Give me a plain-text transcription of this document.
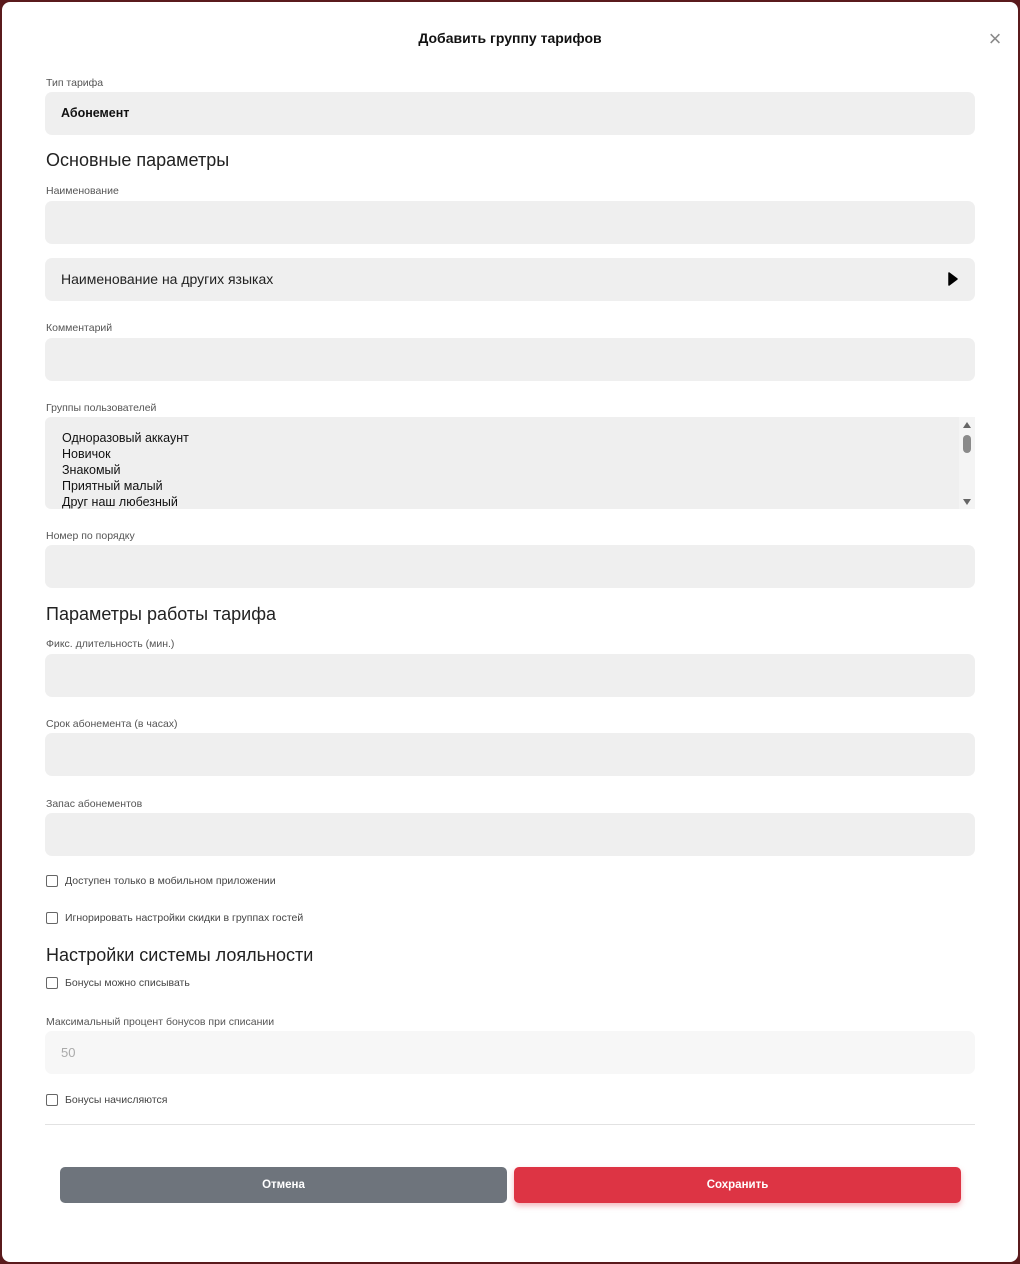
Добавить группу тарифов	×
Тип тарифа
Абонемент
Основные параметры
Наименование
Наименование на других языках
Комментарий
Группы пользователей
Одноразовый аккаунт
Новичок
Знакомый
Приятный малый
Друг наш любезный
Номер по порядку
Параметры работы тарифа
Фикс. длительность (мин.)
Срок абонемента (в часах)
Запас абонементов
Доступен только в мобильном приложении
Игнорировать настройки скидки в группах гостей
Настройки системы лояльности
Бонусы можно списывать
Максимальный процент бонусов при списании
50
Бонусы начисляются
Отмена	Сохранить
